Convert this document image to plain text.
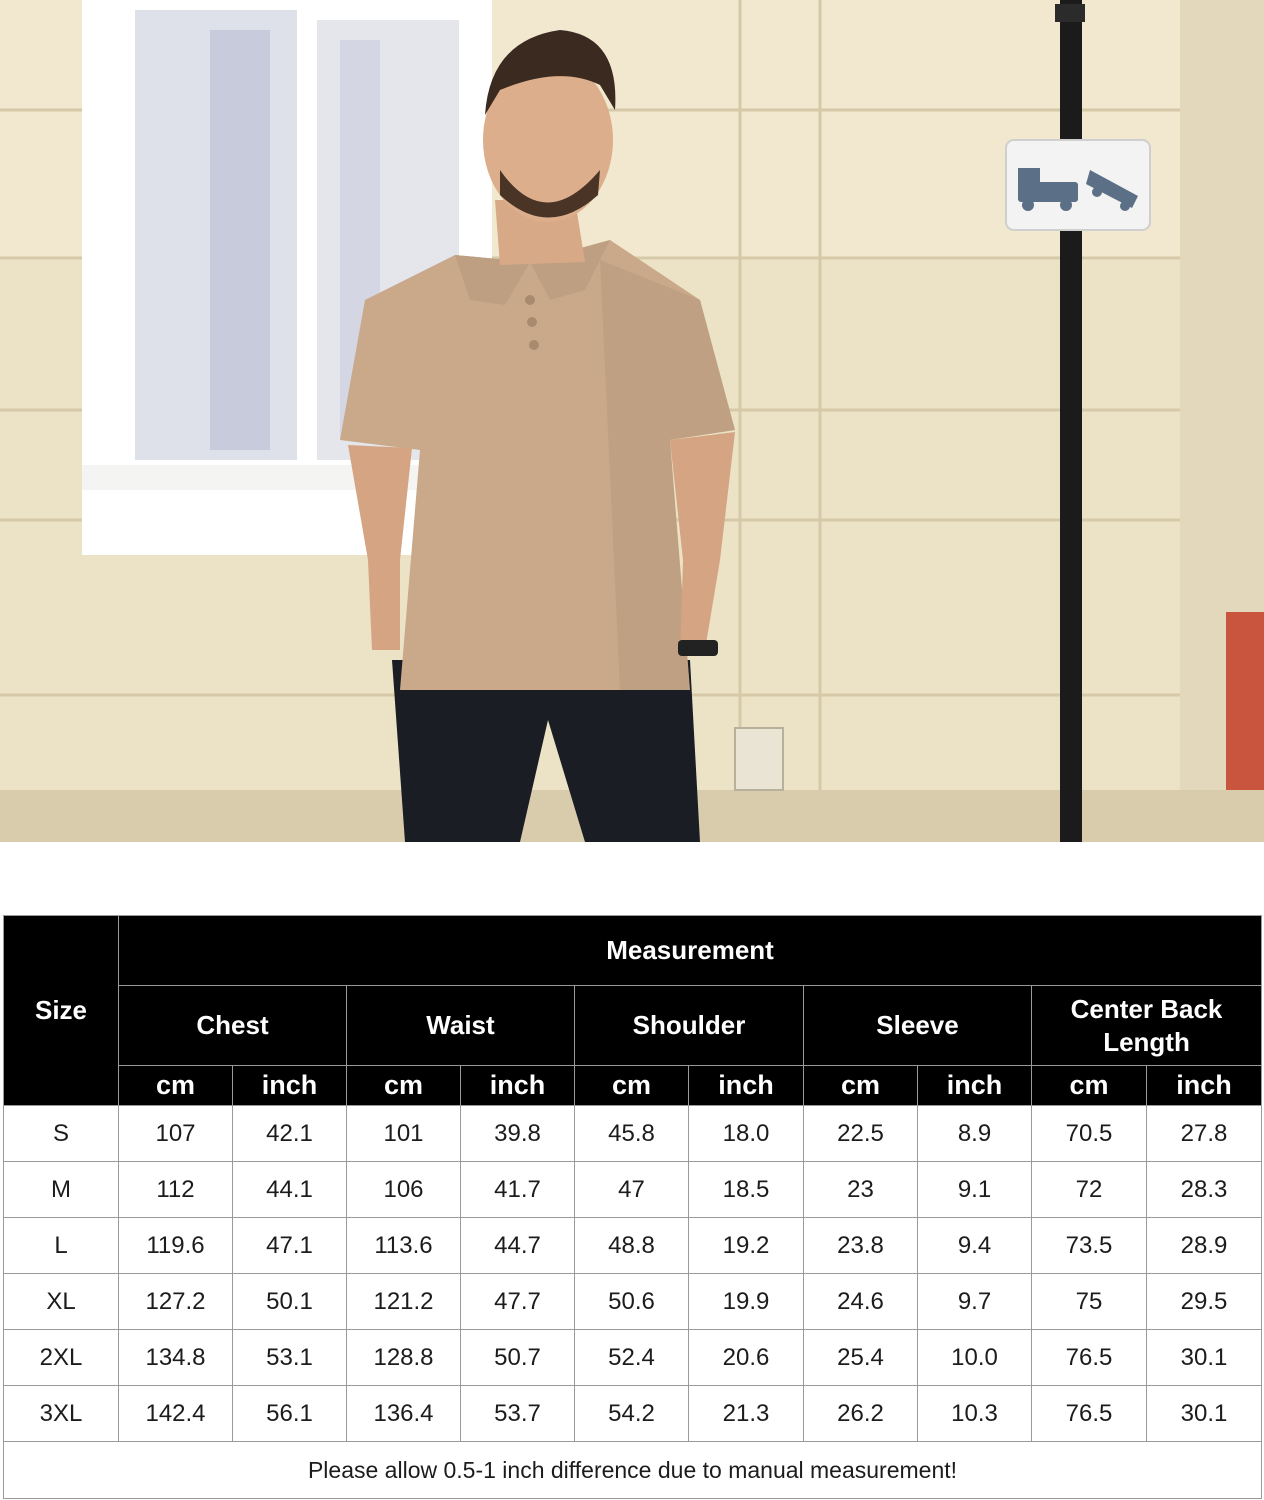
Size	Measurement									
	Chest		Waist		Shoulder		Sleeve		Center Back Length	
	cm	inch	cm	inch	cm	inch	cm	inch	cm	inch
S	107	42.1	101	39.8	45.8	18.0	22.5	8.9	70.5	27.8
M	112	44.1	106	41.7	47	18.5	23	9.1	72	28.3
L	119.6	47.1	113.6	44.7	48.8	19.2	23.8	9.4	73.5	28.9
XL	127.2	50.1	121.2	47.7	50.6	19.9	24.6	9.7	75	29.5
2XL	134.8	53.1	128.8	50.7	52.4	20.6	25.4	10.0	76.5	30.1
3XL	142.4	56.1	136.4	53.7	54.2	21.3	26.2	10.3	76.5	30.1
Please allow 0.5-1 inch difference due to manual measurement!										
